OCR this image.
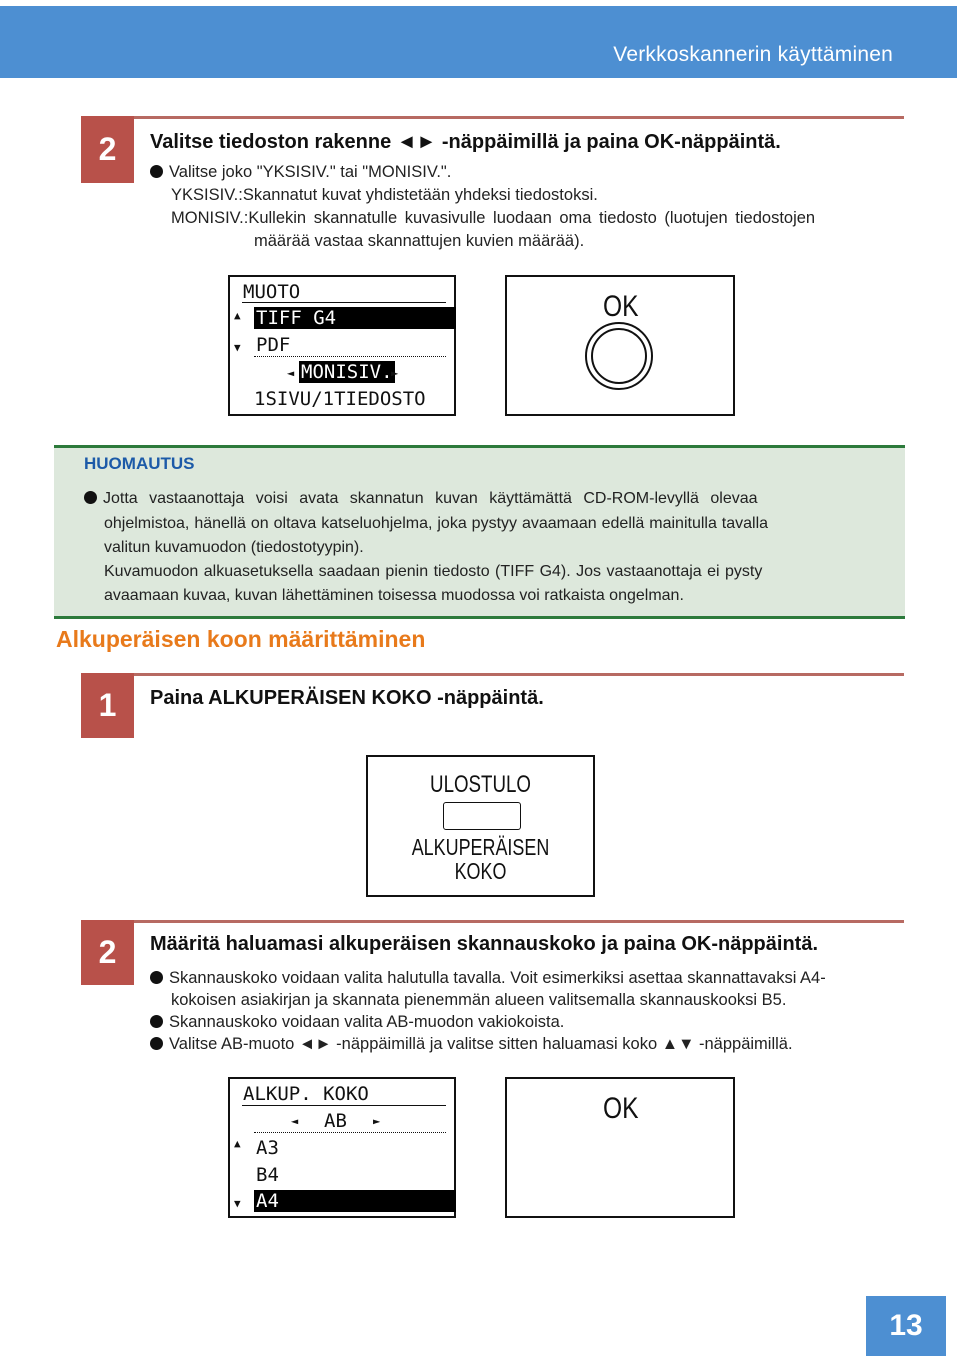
Verkkoskannerin käyttäminen
2	Valitse tiedoston rakenne ◄► -näppäimillä ja paina OK-näppäintä.
Valitse joko "YKSISIV." tai "MONISIV.".
YKSISIV.:Skannatut kuvat yhdistetään yhdeksi tiedostoksi.
MONISIV.:Kullekin skannatulle kuvasivulle luodaan oma tiedosto (luotujen tiedostojen
määrää vastaa skannattujen kuvien määrää).
MUOTO
▲ TIFF G4
PDF
▼
◄ MONISIV.
►
1SIVU/1TIEDOSTO
OK
HUOMAUTUS
Jotta vastaanottaja voisi avata skannatun kuvan käyttämättä CD-ROM-levyllä olevaa
ohjelmistoa, hänellä on oltava katseluohjelma, joka pystyy avaamaan edellä mainitulla tavalla
valitun kuvamuodon (tiedostotyypin).
Kuvamuodon alkuasetuksella saadaan pienin tiedosto (TIFF G4). Jos vastaanottaja ei pysty
avaamaan kuvaa, kuvan lähettäminen toisessa muodossa voi ratkaista ongelman.
Alkuperäisen koon määrittäminen
1	Paina ALKUPERÄISEN KOKO -näppäintä.
ULOSTULO
ALKUPERÄISEN
KOKO
2	Määritä haluamasi alkuperäisen skannauskoko ja paina OK-näppäintä.
Skannauskoko voidaan valita halutulla tavalla. Voit esimerkiksi asettaa skannattavaksi A4-
kokoisen asiakirjan ja skannata pienemmän alueen valitsemalla skannauskooksi B5.
Skannauskoko voidaan valita AB-muodon vakiokoista.
Valitse AB-muoto ◄► -näppäimillä ja valitse sitten haluamasi koko ▲▼ -näppäimillä.
ALKUP. KOKO
◄ AB ►
▲ A3
B4
▼ A4
OK
13
